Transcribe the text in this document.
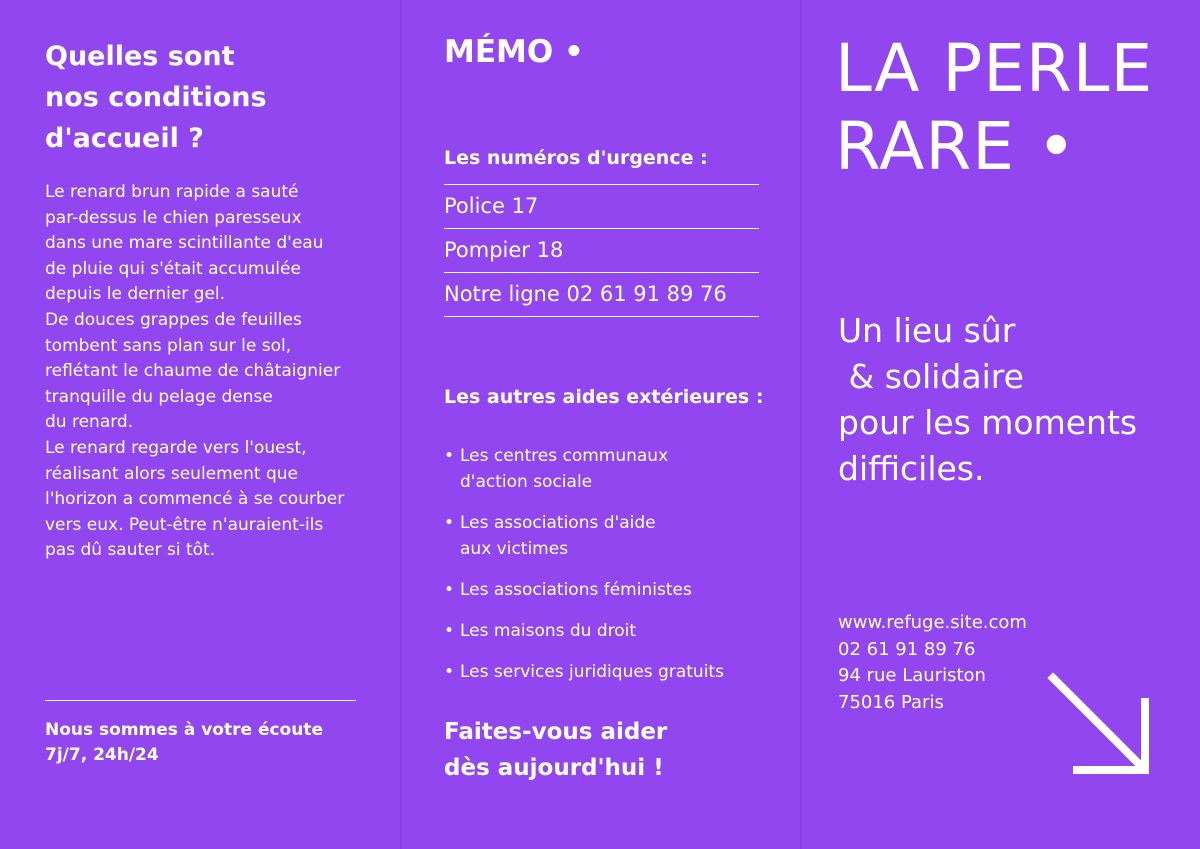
Quelles sont
nos conditions
d'accueil ?

Le renard brun rapide a sauté
par-dessus le chien paresseux
dans une mare scintillante d'eau
de pluie qui s'était accumulée
depuis le dernier gel.

De douces grappes de feuilles
tombent sans plan sur le sol,
reflétant le chaume de châtaignier
tranquille du pelage dense
du renard.

Le renard regarde vers l'ouest,
réalisant alors seulement que
l'horizon a commencé à se courber
vers eux. Peut-être n'auraient-ils
pas dû sauter si tôt.

Nous sommes à votre écoute
7j/7, 24h/24
MÉMO •
Les numéros d'urgence :
Police 17
Pompier 18
Notre ligne 02 61 91 89 76
Les autres aides extérieures :
• Les centres communaux
d'action sociale
• Les associations d'aide
aux victimes
• Les associations féministes
• Les maisons du droit
• Les services juridiques gratuits
Faites-vous aider
dès aujourd'hui !
LA PERLE
RARE •
Un lieu sûr
& solidaire
pour les moments
difficiles.
www.refuge.site.com
02 61 91 89 76
94 rue Lauriston
75016 Paris
